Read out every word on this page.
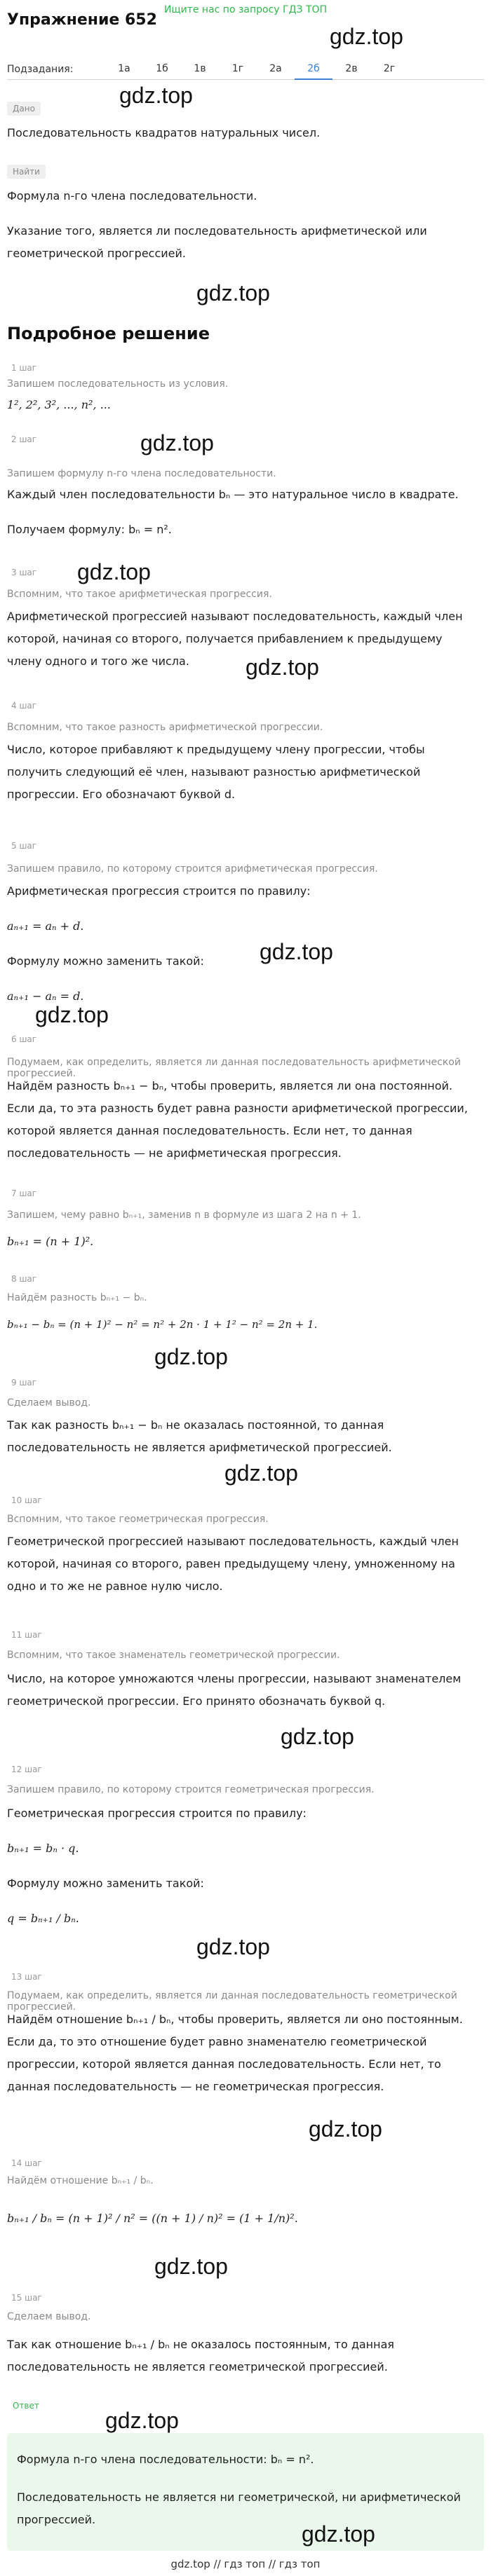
Ищите нас по запросу ГДЗ ТОП
Упражнение 652
gdz.top
Подзадания:	1а	1б	1в	1г	2а	2б	2в	2г
gdz.top
Дано
Последовательность квадратов натуральных чисел.
Найти
Формула n-го члена последовательности.
Указание того, является ли последовательность арифметической или геометрической прогрессией.
gdz.top
Подробное решение
1 шаг
Запишем последовательность из условия.
1², 2², 3², ..., n², ...
2 шаг	gdz.top
Запишем формулу n-го члена последовательности.
Каждый член последовательности bₙ — это натуральное число в квадрате.
Получаем формулу: bₙ = n².
3 шаг gdz.top
Вспомним, что такое арифметическая прогрессия.
Арифметической прогрессией называют последовательность, каждый член которой, начиная со второго, получается прибавлением к предыдущему члену одного и того же числа.	gdz.top
4 шаг
Вспомним, что такое разность арифметической прогрессии.
Число, которое прибавляют к предыдущему члену прогрессии, чтобы получить следующий её член, называют разностью арифметической прогрессии. Его обозначают буквой d.
5 шаг
Запишем правило, по которому строится арифметическая прогрессия.
Арифметическая прогрессия строится по правилу:
aₙ₊₁ = aₙ + d.
gdz.top
Формулу можно заменить такой:
aₙ₊₁ − aₙ = d.
gdz.top
6 шаг
Подумаем, как определить, является ли данная последовательность арифметической прогрессией.
Найдём разность bₙ₊₁ − bₙ, чтобы проверить, является ли она постоянной. Если да, то эта разность будет равна разности арифметической прогрессии, которой является данная последовательность. Если нет, то данная последовательность — не арифметическая прогрессия.
7 шаг
Запишем, чему равно bₙ₊₁, заменив n в формуле из шага 2 на n + 1.
bₙ₊₁ = (n + 1)².
8 шаг
Найдём разность bₙ₊₁ − bₙ.
bₙ₊₁ − bₙ = (n + 1)² − n² = n² + 2n · 1 + 1² − n² = 2n + 1.
gdz.top
9 шаг
Сделаем вывод.
Так как разность bₙ₊₁ − bₙ не оказалась постоянной, то данная последовательность не является арифметической прогрессией.
gdz.top
10 шаг
Вспомним, что такое геометрическая прогрессия.
Геометрической прогрессией называют последовательность, каждый член которой, начиная со второго, равен предыдущему члену, умноженному на одно и то же не равное нулю число.
11 шаг
Вспомним, что такое знаменатель геометрической прогрессии.
Число, на которое умножаются члены прогрессии, называют знаменателем геометрической прогрессии. Его принято обозначать буквой q.
gdz.top
12 шаг
Запишем правило, по которому строится геометрическая прогрессия.
Геометрическая прогрессия строится по правилу:
bₙ₊₁ = bₙ · q.
Формулу можно заменить такой:
q = bₙ₊₁ / bₙ.
gdz.top
13 шаг
Подумаем, как определить, является ли данная последовательность геометрической прогрессией.
Найдём отношение bₙ₊₁ / bₙ, чтобы проверить, является ли оно постоянным. Если да, то это отношение будет равно знаменателю геометрической прогрессии, которой является данная последовательность. Если нет, то данная последовательность — не геометрическая прогрессия.
gdz.top
14 шаг
Найдём отношение bₙ₊₁ / bₙ.
bₙ₊₁ / bₙ = (n + 1)² / n² = ((n + 1) / n)² = (1 + 1/n)².
gdz.top
15 шаг
Сделаем вывод.
Так как отношение bₙ₊₁ / bₙ не оказалось постоянным, то данная последовательность не является геометрической прогрессией.
Ответ
gdz.top
Формула n-го члена последовательности: bₙ = n².
Последовательность не является ни геометрической, ни арифметической прогрессией.
gdz.top
gdz.top // гдз топ // гдз топ
